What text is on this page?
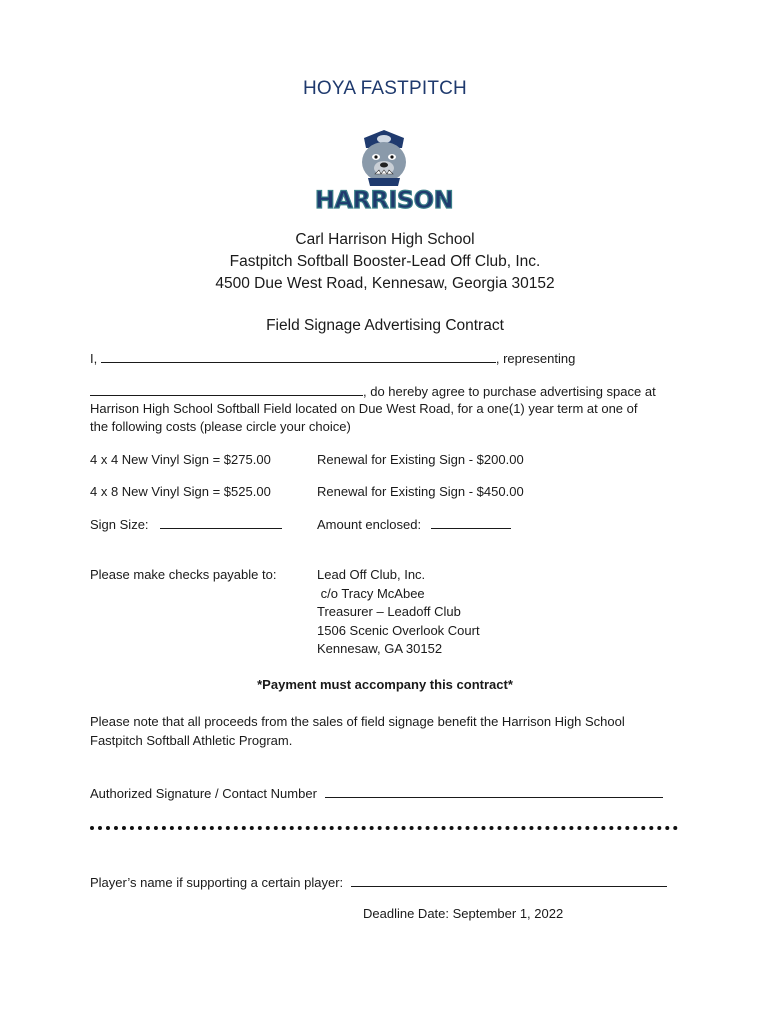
HOYA FASTPITCH
HARRISON
Carl Harrison High School
Fastpitch Softball Booster-Lead Off Club, Inc.
4500 Due West Road, Kennesaw, Georgia 30152
Field Signage Advertising Contract
I,	, representing
, do hereby agree to purchase advertising space at
Harrison High School Softball Field located on Due West Road, for a one(1) year term at one of
the following costs (please circle your choice)
4 x 4 New Vinyl Sign = $275.00	Renewal for Existing Sign - $200.00
4 x 8 New Vinyl Sign = $525.00	Renewal for Existing Sign - $450.00
Sign Size:	Amount enclosed:
Please make checks payable to:	Lead Off Club, Inc.
c/o Tracy McAbee
Treasurer – Leadoff Club
1506 Scenic Overlook Court
Kennesaw, GA 30152
*Payment must accompany this contract*
Please note that all proceeds from the sales of field signage benefit the Harrison High School
Fastpitch Softball Athletic Program.
Authorized Signature / Contact Number
Player’s name if supporting a certain player:
Deadline Date: September 1, 2022
